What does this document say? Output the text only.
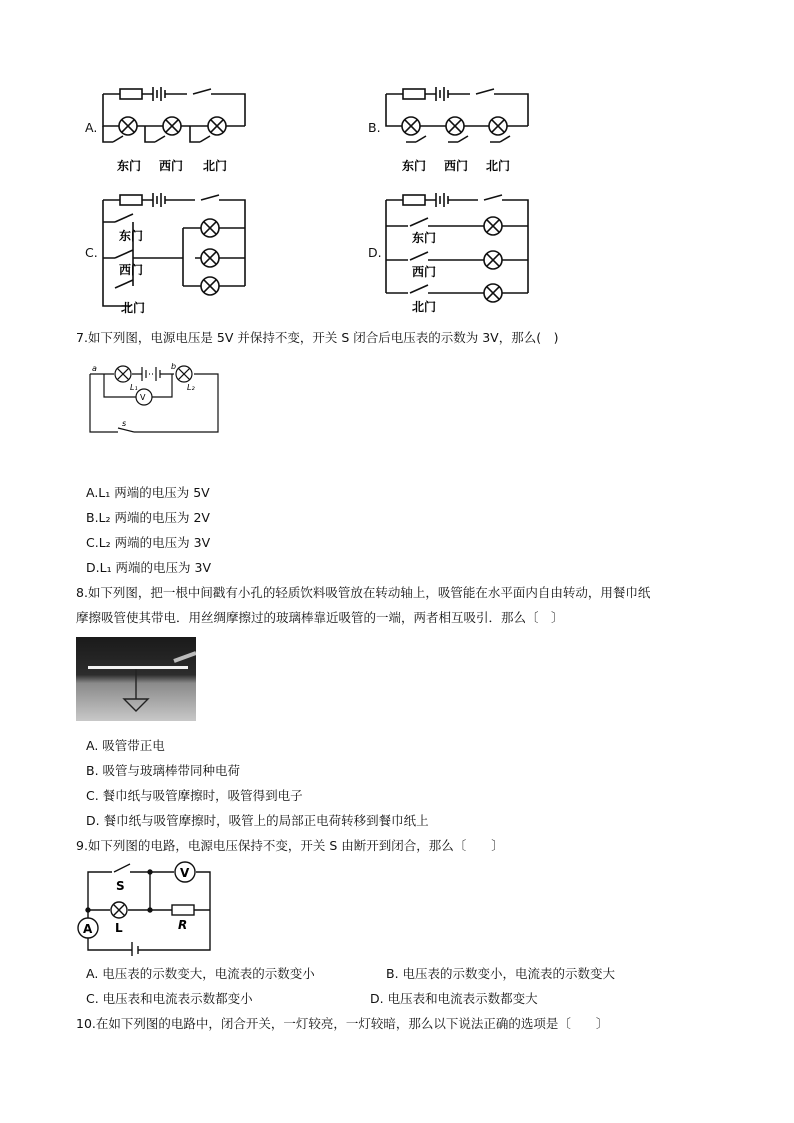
A.
东门 西门 北门
B.
东门 西门 北门
C.
东门
西门
北门
D.
东门
西门
北门
7.如下列图，电源电压是 5V 并保持不变，开关 S 闭合后电压表的示数为 3V，那么(　)
a	b
L₁	L₂
V
s
A.L₁ 两端的电压为 5V
B.L₂ 两端的电压为 2V
C.L₂ 两端的电压为 3V
D.L₁ 两端的电压为 3V
8.如下列图，把一根中间戳有小孔的轻质饮料吸管放在转动轴上，吸管能在水平面内自由转动，用餐巾纸
摩擦吸管使其带电．用丝绸摩擦过的玻璃棒靠近吸管的一端，两者相互吸引．那么〔　〕
A. 吸管带正电
B. 吸管与玻璃棒带同种电荷
C. 餐巾纸与吸管摩擦时，吸管得到电子
D. 餐巾纸与吸管摩擦时，吸管上的局部正电荷转移到餐巾纸上
9.如下列图的电路，电源电压保持不变，开关 S 由断开到闭合，那么〔　　〕
S
V
L	R
A
A. 电压表的示数变大，电流表的示数变小	B. 电压表的示数变小，电流表的示数变大
C. 电压表和电流表示数都变小	D. 电压表和电流表示数都变大
10.在如下列图的电路中，闭合开关，一灯较亮，一灯较暗，那么以下说法正确的选项是〔　　〕
